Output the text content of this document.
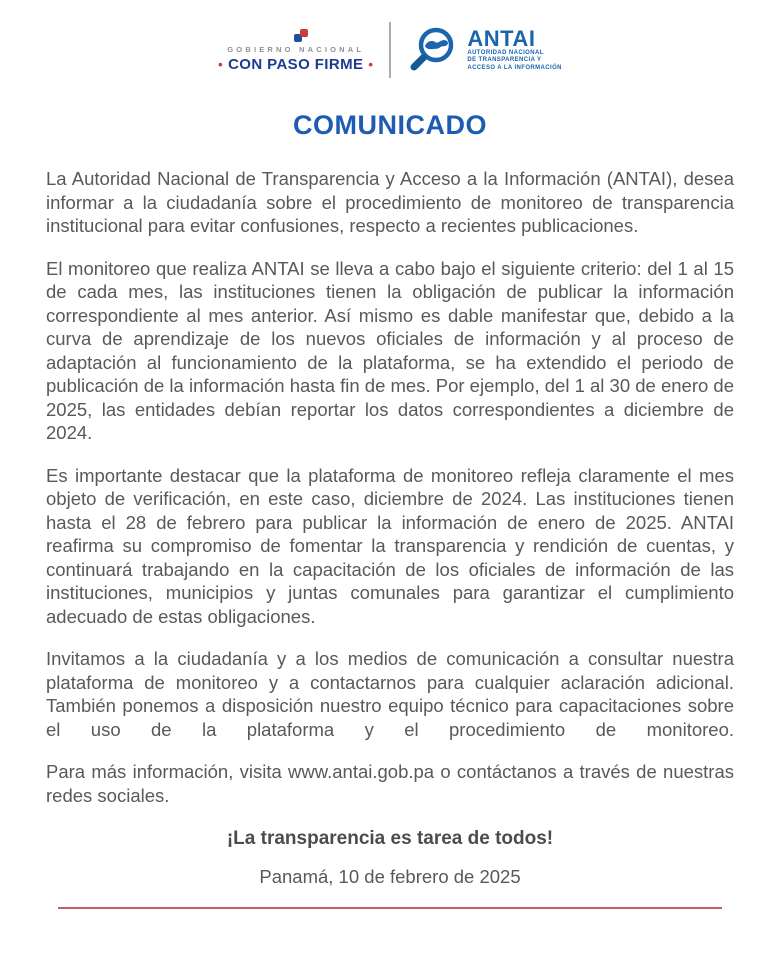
GOBIERNO NACIONAL
• CON PASO FIRME •
ANTAI
AUTORIDAD NACIONAL
DE TRANSPARENCIA Y
ACCESO A LA INFORMACIÓN
COMUNICADO

La Autoridad Nacional de Transparencia y Acceso a la Información (ANTAI), desea informar a la ciudadanía sobre el procedimiento de monitoreo de transparencia institucional para evitar confusiones, respecto a recientes publicaciones.

El monitoreo que realiza ANTAI se lleva a cabo bajo el siguiente criterio: del 1 al 15 de cada mes, las instituciones tienen la obligación de publicar la información correspondiente al mes anterior. Así mismo es dable manifestar que, debido a la curva de aprendizaje de los nuevos oficiales de información y al proceso de adaptación al funcionamiento de la plataforma, se ha extendido el periodo de publicación de la información hasta fin de mes. Por ejemplo, del 1 al 30 de enero de 2025, las entidades debían reportar los datos correspondientes a diciembre de 2024.

Es importante destacar que la plataforma de monitoreo refleja claramente el mes objeto de verificación, en este caso, diciembre de 2024. Las instituciones tienen hasta el 28 de febrero para publicar la información de enero de 2025. ANTAI reafirma su compromiso de fomentar la transparencia y rendición de cuentas, y continuará trabajando en la capacitación de los oficiales de información de las instituciones, municipios y juntas comunales para garantizar el cumplimiento adecuado de estas obligaciones.

Invitamos a la ciudadanía y a los medios de comunicación a consultar nuestra plataforma de monitoreo y a contactarnos para cualquier aclaración adicional. También ponemos a disposición nuestro equipo técnico para capacitaciones sobre el uso de la plataforma y el procedimiento de monitoreo.

Para más información, visita www.antai.gob.pa o contáctanos a través de nuestras redes sociales.

¡La transparencia es tarea de todos!
Panamá, 10 de febrero de 2025
